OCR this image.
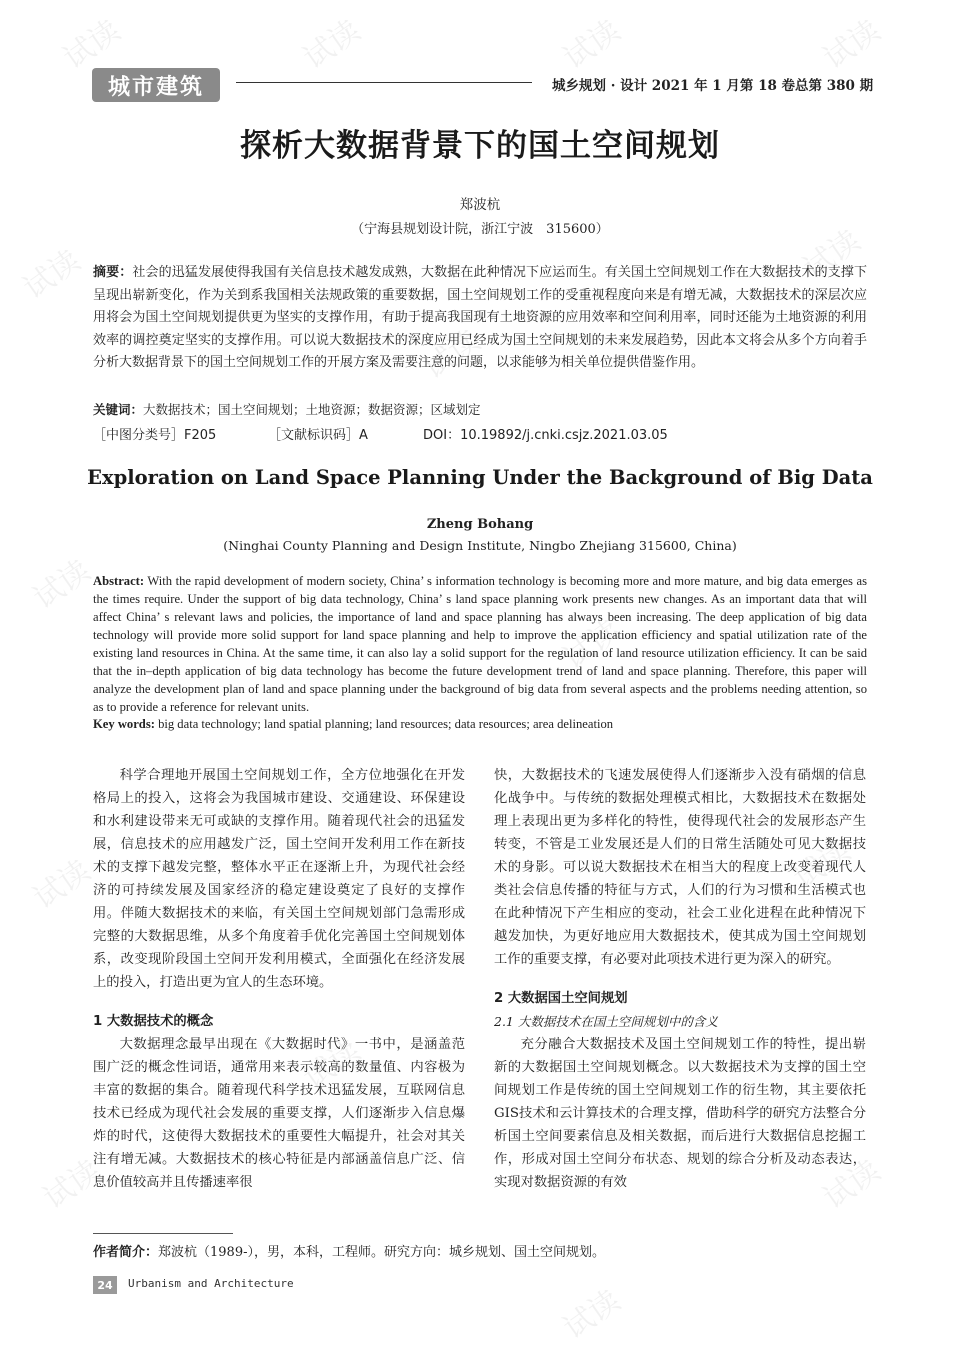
试读	试读	试读	试读
试读
试读
试读
试读
试读
试读	试读
试读
试读	试读
试读
城市建筑	城乡规划 · 设计 2021 年 1 月第 18 卷总第 380 期
探析大数据背景下的国土空间规划
郑波杭
（宁海县规划设计院，浙江宁波　315600）
摘要：社会的迅猛发展使得我国有关信息技术越发成熟，大数据在此种情况下应运而生。有关国土空间规划工作在大数据技术的支撑下呈现出崭新变化，作为关到系我国相关法规政策的重要数据，国土空间规划工作的受重视程度向来是有增无减，大数据技术的深层次应用将会为国土空间规划提供更为坚实的支撑作用，有助于提高我国现有土地资源的应用效率和空间利用率，同时还能为土地资源的利用效率的调控奠定坚实的支撑作用。可以说大数据技术的深度应用已经成为国土空间规划的未来发展趋势，因此本文将会从多个方向着手分析大数据背景下的国土空间规划工作的开展方案及需要注意的问题，以求能够为相关单位提供借鉴作用。
关键词：大数据技术；国土空间规划；土地资源；数据资源；区域划定
［中图分类号］F205	［文献标识码］A	DOI：10.19892/j.cnki.csjz.2021.03.05
Exploration on Land Space Planning Under the Background of Big Data
Zheng Bohang
(Ninghai County Planning and Design Institute, Ningbo Zhejiang 315600, China)
Abstract: With the rapid development of modern society, China’ s information technology is becoming more and more mature, and big data emerges as the times require. Under the support of big data technology, China’ s land space planning work presents new changes. As an important data that will affect China’ s relevant laws and policies, the importance of land and space planning has always been increasing. The deep application of big data technology will provide more solid support for land space planning and help to improve the application efficiency and spatial utilization rate of the existing land resources in China. At the same time, it can also lay a solid support for the regulation of land resource utilization efficiency. It can be said that the in–depth application of big data technology has become the future development trend of land and space planning. Therefore, this paper will analyze the development plan of land and space planning under the background of big data from several aspects and the problems needing attention, so as to provide a reference for relevant units.
Key words: big data technology; land spatial planning; land resources; data resources; area delineation

科学合理地开展国土空间规划工作，全方位地强化在开发格局上的投入，这将会为我国城市建设、交通建设、环保建设和水利建设带来无可或缺的支撑作用。随着现代社会的迅猛发展，信息技术的应用越发广泛，国土空间开发利用工作在新技术的支撑下越发完整，整体水平正在逐渐上升，为现代社会经济的可持续发展及国家经济的稳定建设奠定了良好的支撑作用。伴随大数据技术的来临，有关国土空间规划部门急需形成完整的大数据思维，从多个角度着手优化完善国土空间规划体系，改变现阶段国土空间开发利用模式，全面强化在经济发展上的投入，打造出更为宜人的生态环境。

1 大数据技术的概念

大数据理念最早出现在《大数据时代》一书中，是涵盖范围广泛的概念性词语，通常用来表示较高的数量值、内容极为丰富的数据的集合。随着现代科学技术迅猛发展，互联网信息技术已经成为现代社会发展的重要支撑，人们逐渐步入信息爆炸的时代，这使得大数据技术的重要性大幅提升，社会对其关注有增无减。大数据技术的核心特征是内部涵盖信息广泛、信息价值较高并且传播速率很

快，大数据技术的飞速发展使得人们逐渐步入没有硝烟的信息化战争中。与传统的数据处理模式相比，大数据技术在数据处理上表现出更为多样化的特性，使得现代社会的发展形态产生转变，不管是工业发展还是人们的日常生活随处可见大数据技术的身影。可以说大数据技术在相当大的程度上改变着现代人类社会信息传播的特征与方式，人们的行为习惯和生活模式也在此种情况下产生相应的变动，社会工业化进程在此种情况下越发加快，为更好地应用大数据技术，使其成为国土空间规划工作的重要支撑，有必要对此项技术进行更为深入的研究。

2 大数据国土空间规划
2.1 大数据技术在国土空间规划中的含义

充分融合大数据技术及国土空间规划工作的特性，提出崭新的大数据国土空间规划概念。以大数据技术为支撑的国土空间规划工作是传统的国土空间规划工作的衍生物，其主要依托GIS技术和云计算技术的合理支撑，借助科学的研究方法整合分析国土空间要素信息及相关数据，而后进行大数据信息挖掘工作，形成对国土空间分布状态、规划的综合分析及动态表达，实现对数据资源的有效

作者简介：郑波杭（1989-），男，本科，工程师。研究方向：城乡规划、国土空间规划。
24	Urbanism and Architecture
